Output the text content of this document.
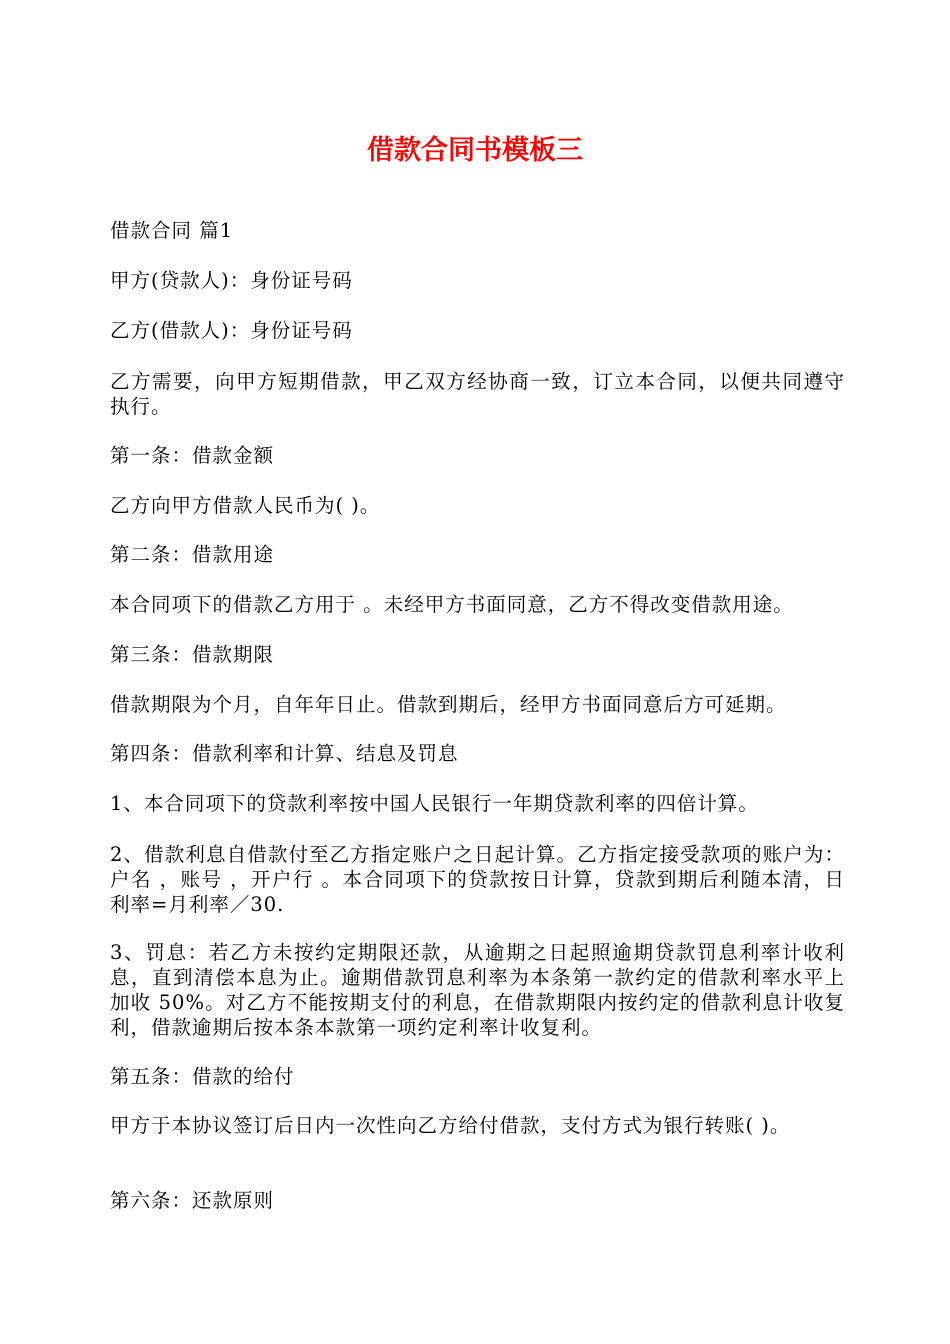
借款合同书模板三

借款合同 篇1

甲方(贷款人)：身份证号码

乙方(借款人)：身份证号码

乙方需要，向甲方短期借款，甲乙双方经协商一致，订立本合同，以便共同遵守执行。

第一条：借款金额

乙方向甲方借款人民币为( )。

第二条：借款用途

本合同项下的借款乙方用于 。未经甲方书面同意，乙方不得改变借款用途。

第三条：借款期限

借款期限为个月，自年年日止。借款到期后，经甲方书面同意后方可延期。

第四条：借款利率和计算、结息及罚息

1、本合同项下的贷款利率按中国人民银行一年期贷款利率的四倍计算。

2、借款利息自借款付至乙方指定账户之日起计算。乙方指定接受款项的账户为：户名 ，账号 ，开户行 。本合同项下的贷款按日计算，贷款到期后利随本清，日利率=月利率／30.

3、罚息：若乙方未按约定期限还款，从逾期之日起照逾期贷款罚息利率计收利息，直到清偿本息为止。逾期借款罚息利率为本条第一款约定的借款利率水平上加收 50%。对乙方不能按期支付的利息，在借款期限内按约定的借款利息计收复利，借款逾期后按本条本款第一项约定利率计收复利。

第五条：借款的给付

甲方于本协议签订后日内一次性向乙方给付借款，支付方式为银行转账( )。

第六条：还款原则
